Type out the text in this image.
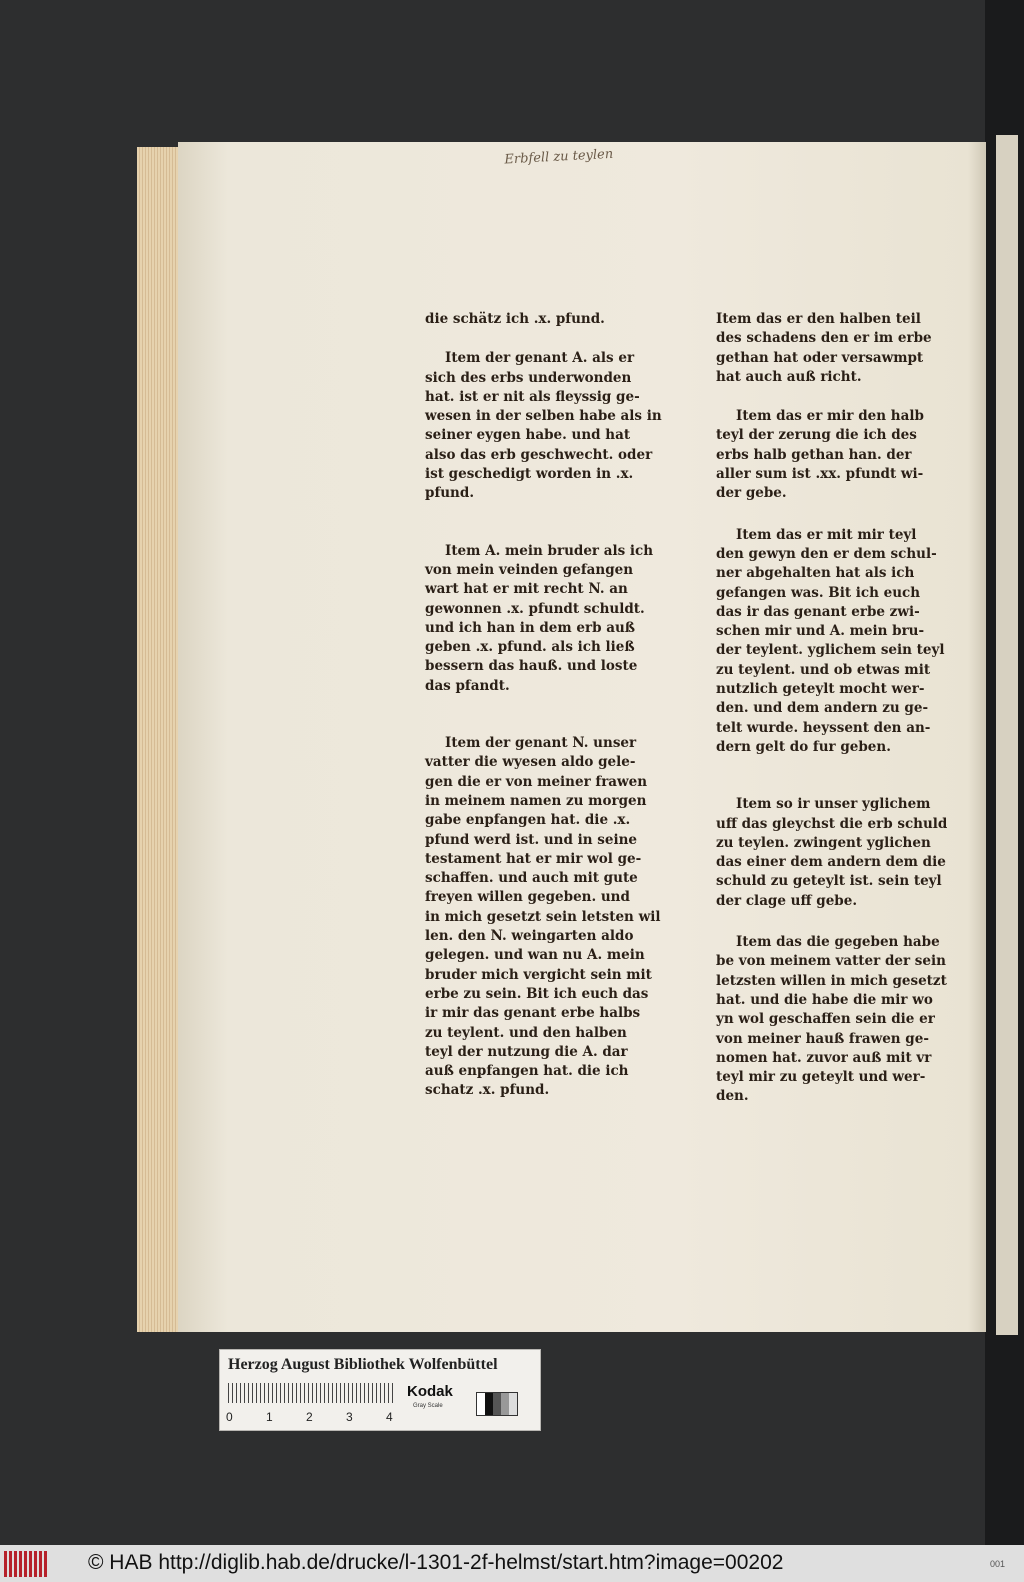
Erbfell zu teylen

die schätz ich .x. pfund.

Item der genant A. als er
sich des erbs underwonden
hat. ist er nit als fleyssig ge-
wesen in der selben habe als in
seiner eygen habe. und hat
also das erb geschwecht. oder
ist geschedigt worden in .x.
pfund.

Item A. mein bruder als ich
von mein veinden gefangen
wart hat er mit recht N. an
gewonnen .x. pfundt schuldt.
und ich han in dem erb auß
geben .x. pfund. als ich ließ
bessern das hauß. und loste
das pfandt.

Item der genant N. unser
vatter die wyesen aldo gele-
gen die er von meiner frawen
in meinem namen zu morgen
gabe enpfangen hat. die .x.
pfund werd ist. und in seine
testament hat er mir wol ge-
schaffen. und auch mit gute
freyen willen gegeben. und
in mich gesetzt sein letsten wil
len. den N. weingarten aldo
gelegen. und wan nu A. mein
bruder mich vergicht sein mit
erbe zu sein. Bit ich euch das
ir mir das genant erbe halbs
zu teylent. und den halben
teyl der nutzung die A. dar
auß enpfangen hat. die ich
schatz .x. pfund.

Item das er den halben teil
des schadens den er im erbe
gethan hat oder versawmpt
hat auch auß richt.

Item das er mir den halb
teyl der zerung die ich des
erbs halb gethan han. der
aller sum ist .xx. pfundt wi-
der gebe.

Item das er mit mir teyl
den gewyn den er dem schul-
ner abgehalten hat als ich
gefangen was. Bit ich euch
das ir das genant erbe zwi-
schen mir und A. mein bru-
der teylent. yglichem sein teyl
zu teylent. und ob etwas mit
nutzlich geteylt mocht wer-
den. und dem andern zu ge-
telt wurde. heyssent den an-
dern gelt do fur geben.

Item so ir unser yglichem
uff das gleychst die erb schuld
zu teylen. zwingent yglichen
das einer dem andern dem die
schuld zu geteylt ist. sein teyl
der clage uff gebe.

Item das die gegeben habe
be von meinem vatter der sein
letzsten willen in mich gesetzt
hat. und die habe die mir wo
yn wol geschaffen sein die er
von meiner hauß frawen ge-
nomen hat. zuvor auß mit vr
teyl mir zu geteylt und wer-
den.

Herzog August Bibliothek Wolfenbüttel
0	1	2	3	4
Kodak
Gray Scale
© HAB http://diglib.hab.de/drucke/l-1301-2f-helmst/start.htm?image=00202	001
